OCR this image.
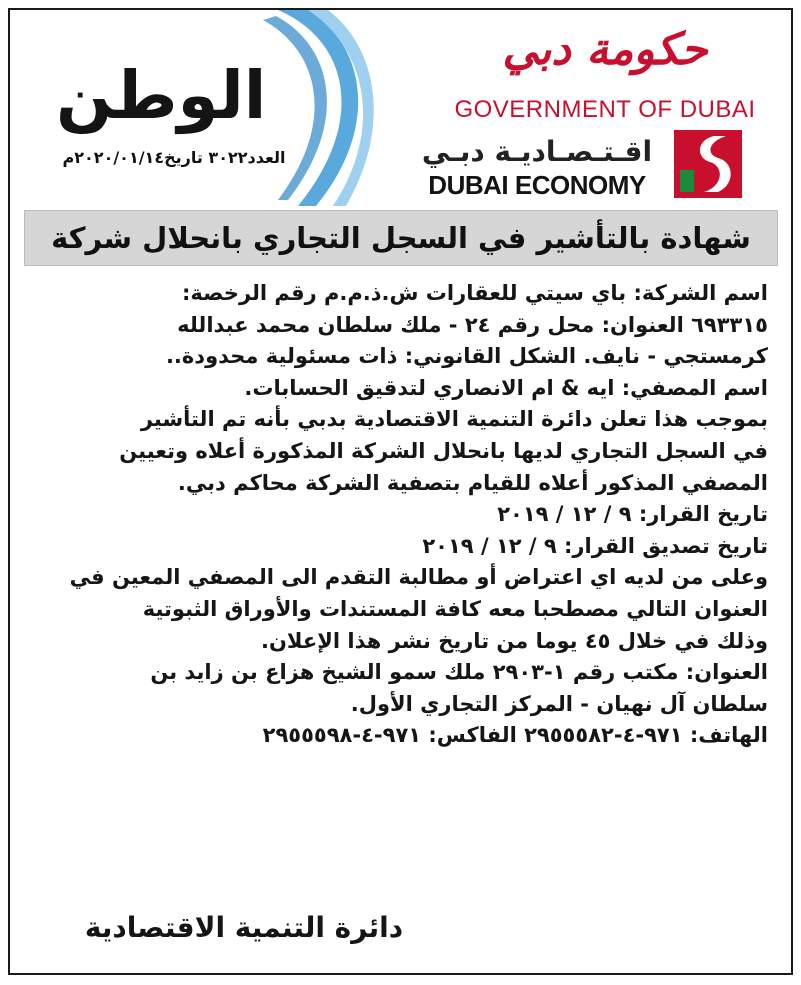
الوطن
العدد٣٠٢٢ تاريخ٢٠٢٠/٠١/١٤م
حكومة دبي
GOVERNMENT OF DUBAI
اقـتـصـاديـة دبـي
DUBAI ECONOMY
شهادة بالتأشير في السجل التجاري بانحلال شركة

اسم الشركة: باي سيتي للعقارات ش.ذ.م.م رقم الرخصة:

٦٩٣٣١٥ العنوان: محل رقم ٢٤ - ملك سلطان محمد عبدالله

كرمستجي - نايف. الشكل القانوني: ذات مسئولية محدودة..

اسم المصفي: ايه & ام الانصاري لتدقيق الحسابات.

بموجب هذا تعلن دائرة التنمية الاقتصادية بدبي بأنه تم التأشير

في السجل التجاري لديها بانحلال الشركة المذكورة أعلاه وتعيين

المصفي المذكور أعلاه للقيام بتصفية الشركة محاكم دبي.

تاريخ القرار: ٩ / ١٢ / ٢٠١٩

تاريخ تصديق القرار: ٩ / ١٢ / ٢٠١٩

وعلى من لديه اي اعتراض أو مطالبة التقدم الى المصفي المعين في

العنوان التالي مصطحبا معه كافة المستندات والأوراق الثبوتية

وذلك في خلال ٤٥ يوما من تاريخ نشر هذا الإعلان.

العنوان: مكتب رقم ١-٢٩٠٣ ملك سمو الشيخ هزاع بن زايد بن

سلطان آل نهيان - المركز التجاري الأول.

الهاتف: ٩٧١-٤-٢٩٥٥٥٨٢ الفاكس: ٩٧١-٤-٢٩٥٥٥٩٨

دائرة التنمية الاقتصادية
